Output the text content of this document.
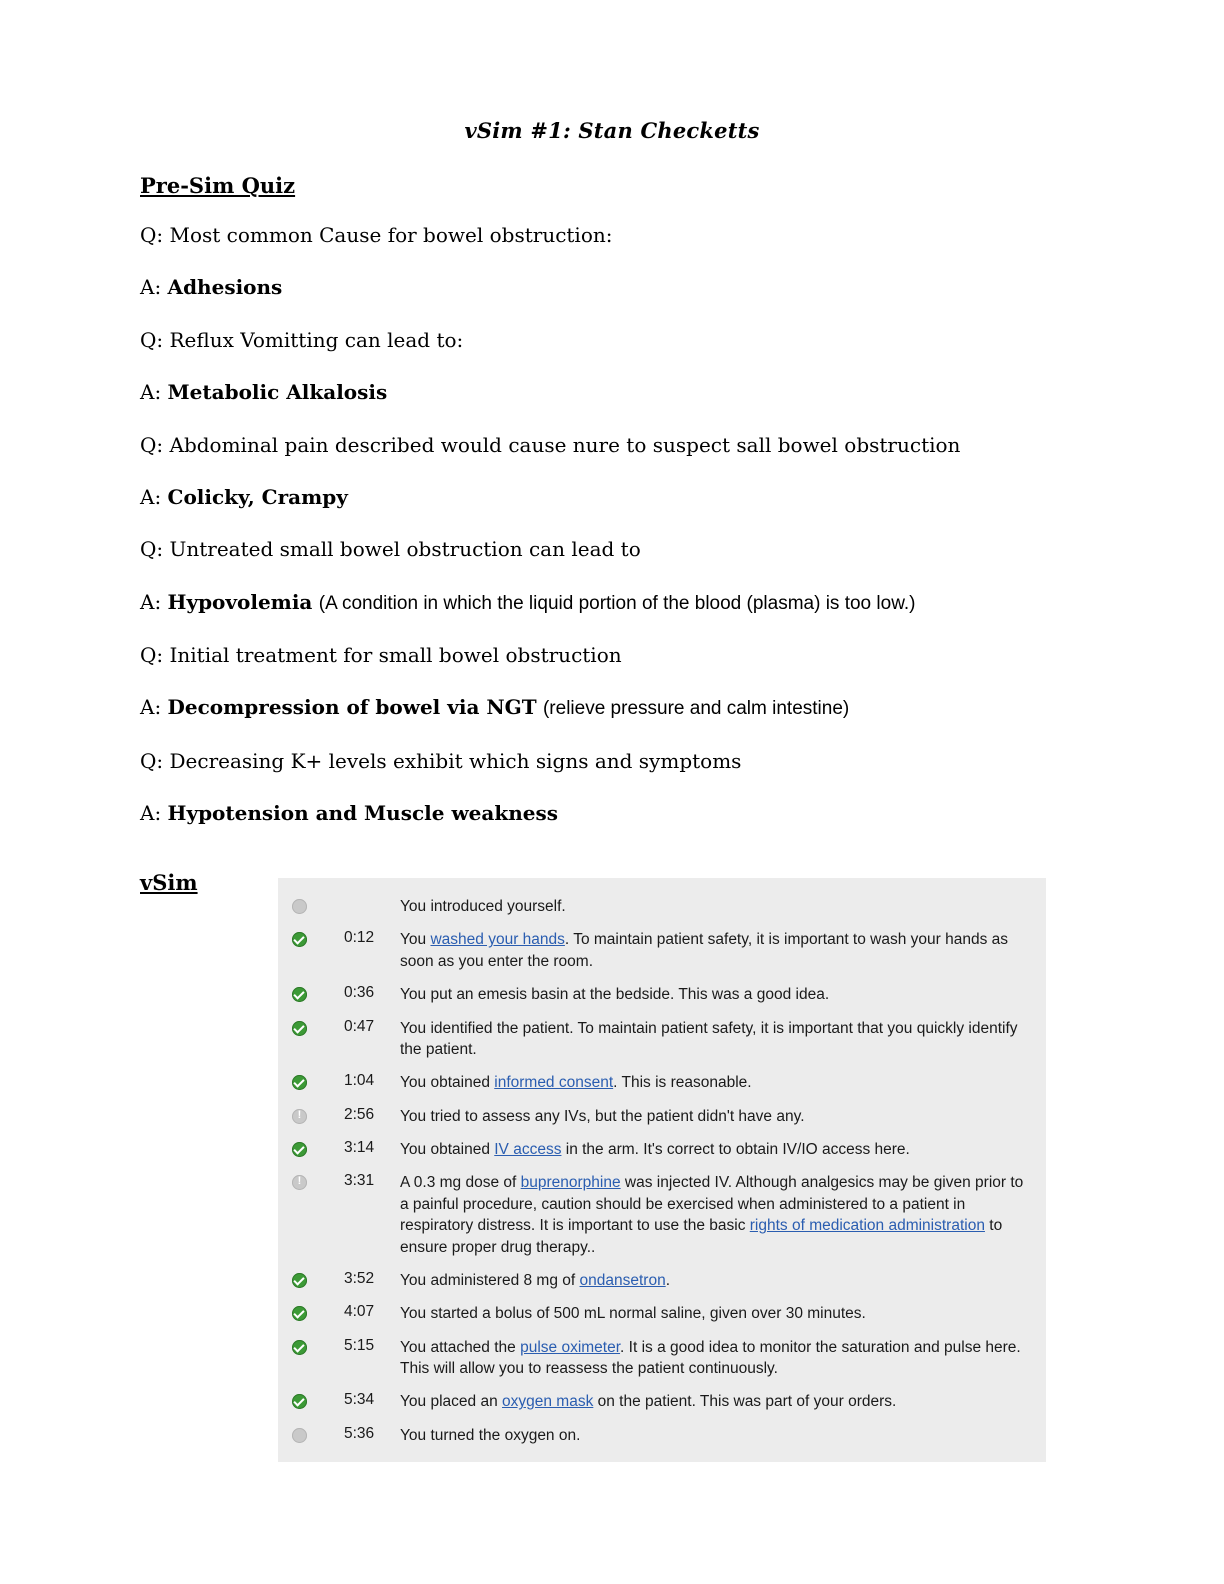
vSim #1: Stan Checketts
Pre-Sim Quiz
Q: Most common Cause for bowel obstruction:
A: Adhesions
Q: Reflux Vomitting can lead to:
A: Metabolic Alkalosis
Q: Abdominal pain described would cause nure to suspect sall bowel obstruction
A: Colicky, Crampy
Q: Untreated small bowel obstruction can lead to
A: Hypovolemia (A condition in which the liquid portion of the blood (plasma) is too low.)
Q: Initial treatment for small bowel obstruction
A: Decompression of bowel via NGT (relieve pressure and calm intestine)
Q: Decreasing K+ levels exhibit which signs and symptoms
A: Hypotension and Muscle weakness
vSim
You introduced yourself.
0:12	You washed your hands. To maintain patient safety, it is important to wash your hands as soon as you enter the room.
0:36	You put an emesis basin at the bedside. This was a good idea.
0:47	You identified the patient. To maintain patient safety, it is important that you quickly identify the patient.
1:04	You obtained informed consent. This is reasonable.
!
2:56	You tried to assess any IVs, but the patient didn't have any.
3:14	You obtained IV access in the arm. It's correct to obtain IV/IO access here.
!
3:31	A 0.3 mg dose of buprenorphine was injected IV. Although analgesics may be given prior to a painful procedure, caution should be exercised when administered to a patient in respiratory distress. It is important to use the basic rights of medication administration to ensure proper drug therapy..
3:52	You administered 8 mg of ondansetron.
4:07	You started a bolus of 500 mL normal saline, given over 30 minutes.
5:15	You attached the pulse oximeter. It is a good idea to monitor the saturation and pulse here. This will allow you to reassess the patient continuously.
5:34	You placed an oxygen mask on the patient. This was part of your orders.
5:36	You turned the oxygen on.
